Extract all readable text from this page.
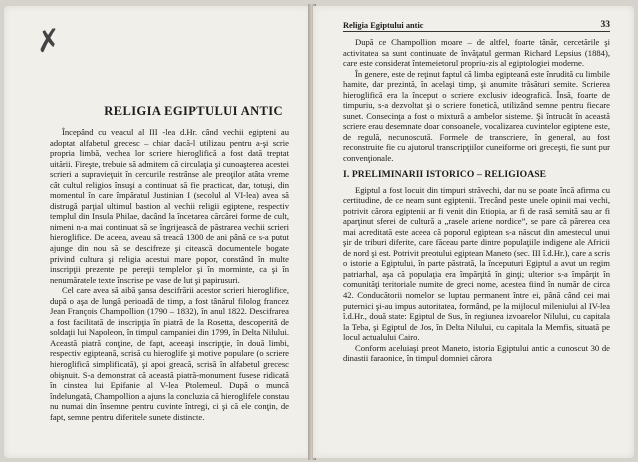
✗
RELIGIA EGIPTULUI ANTIC

Începând cu veacul al III -lea d.Hr. când vechii egipteni au adoptat alfabetul grecesc – chiar dacă-l utilizau pentru a-şi scrie propria limbă, vechea lor scriere hieroglifică a fost dată treptat uitării. Fireşte, trebuie să admitem că circulaţia şi cunoaşterea acestei scrieri a supravieţuit în cercurile restrânse ale preoţilor atâta vreme cât cultul religios însuşi a continuat să fie practicat, dar, totuşi, din momentul în care împăratul Justinian I (secolul al VI-lea) avea să distrugă parţial ultimul bastion al vechii religii egiptene, respectiv templul din Insula Philae, dacând la încetarea cărcărei forme de cult, nimeni n-a mai continuat să se îngrijească de păstrarea vechii scrieri hieroglifice. De aceea, aveau să treacă 1300 de ani până ce s-a putut ajunge din nou să se descifreze şi citească documentele bogate privind cultura şi religia acestui mare popor, constând în multe inscripţii prezente pe pereţii templelor şi în morminte, ca şi în nenumăratele texte înscrise pe vase de lut şi papirusuri.

Cel care avea să aibă şansa descifrării acestor scrieri hieroglifice, după o aşa de lungă perioadă de timp, a fost tânărul filolog francez Jean François Champollion (1790 – 1832), în anul 1822. Descifrarea a fost facilitată de inscripţia în piatră de la Rosetta, descoperită de soldaţii lui Napoleon, în timpul campaniei din 1799, în Delta Nilului. Această piatră conţine, de fapt, aceeaşi inscripţie, în două limbi, respectiv egipteană, scrisă cu hieroglife şi motive populare (o scriere hieroglifică simplificată), şi apoi greacă, scrisă în alfabetul grecesc obişnuit. S-a demonstrat că această piatră-monument fusese ridicată în cinstea lui Epifanie al V-lea Ptolemeul. După o muncă îndelungată, Champollion a ajuns la concluzia că hieroglifele constau nu numai din însemne pentru cuvinte întregi, ci şi că ele conţin, de fapt, semne pentru diferitele sunete distincte.

Religia Egiptului antic	33

După ce Champollion moare – de altfel, foarte tânăr, cercetările şi activitatea sa sunt continuate de învăţatul german Richard Lepsius (1884), care este considerat întemeietorul propriu-zis al egiptologiei moderne.

În genere, este de reţinut faptul că limba egipteană este înrudită cu limbile hamite, dar prezintă, în acelaşi timp, şi anumite trăsături semite. Scrierea hieroglifică era la început o scriere exclusiv ideografică. Însă, foarte de timpuriu, s-a dezvoltat şi o scriere fonetică, utilizând semne pentru fiecare sunet. Consecinţa a fost o mixtură a ambelor sisteme. Şi întrucât în această scriere erau desemnate doar consoanele, vocalizarea cuvintelor egiptene este, de regulă, necunoscută. Formele de transcriere, în general, au fost reconstruite fie cu ajutorul transcripţiilor cuneiforme ori greceşti, fie sunt pur convenţionale.

I. PRELIMINARII ISTORICO – RELIGIOASE

Egiptul a fost locuit din timpuri străvechi, dar nu se poate încă afirma cu certitudine, de ce neam sunt egiptenii. Trecând peste unele opinii mai vechi, potrivit cărora egiptenii ar fi venit din Etiopia, ar fi de rasă semită sau ar fi aparţinut sferei de cultură a „rasele ariene nordice”, se pare că părerea cea mai acreditată este aceea că poporul egiptean s-a născut din amestecul unui şir de triburi diferite, care făceau parte dintre populaţiile indigene ale Africii de nord şi est. Potrivit preotului egiptean Maneto (sec. III î.d.Hr.), care a scris o istorie a Egiptului, în parte păstrată, la începuturi Egiptul a avut un regim patriarhal, aşa că populaţia era împărţită în ginţi; ulterior s-a împărţit în comunităţi teritoriale numite de greci nome, acestea fiind în număr de circa 42. Conducătorii nomelor se luptau permanent între ei, până când cei mai puternici şi-au impus autoritatea, formând, pe la mijlocul mileniului al IV-lea î.d.Hr., două state: Egiptul de Sus, în regiunea izvoarelor Nilului, cu capitala la Teba, şi Egiptul de Jos, în Delta Nilului, cu capitala la Memfis, situată pe locul actualului Cairo.

Conform aceluiaşi preot Maneto, istoria Egiptului antic a cunoscut 30 de dinastii faraonice, în timpul domniei cărora
